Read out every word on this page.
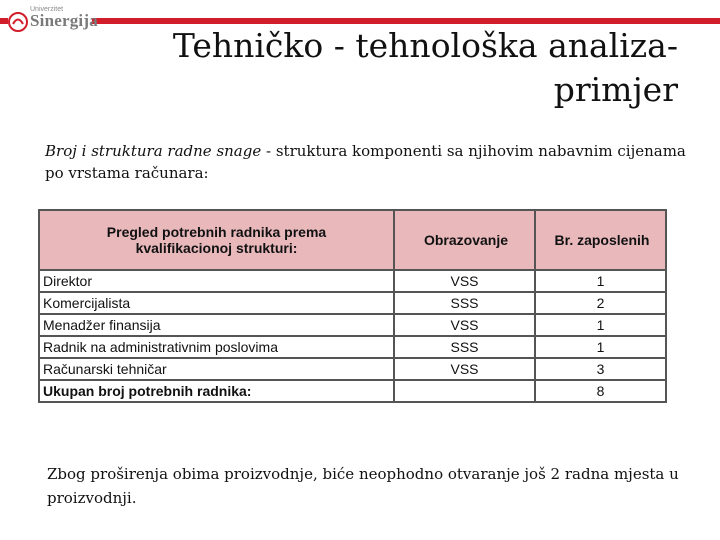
Univerzitet
Sinergija
Tehničko - tehnološka analiza-
primjer
Broj i struktura radne snage - struktura komponenti sa njihovim nabavnim cijenama po vrstama računara:
Pregled potrebnih radnika prema kvalifikacionoj strukturi:	Obrazovanje	Br. zaposlenih
Direktor	VSS	1
Komercijalista	SSS	2
Menadžer finansija	VSS	1
Radnik na administrativnim poslovima	SSS	1
Računarski tehničar	VSS	3
Ukupan broj potrebnih radnika:		8
Zbog proširenja obima proizvodnje, biće neophodno otvaranje još 2 radna mjesta u proizvodnji.
